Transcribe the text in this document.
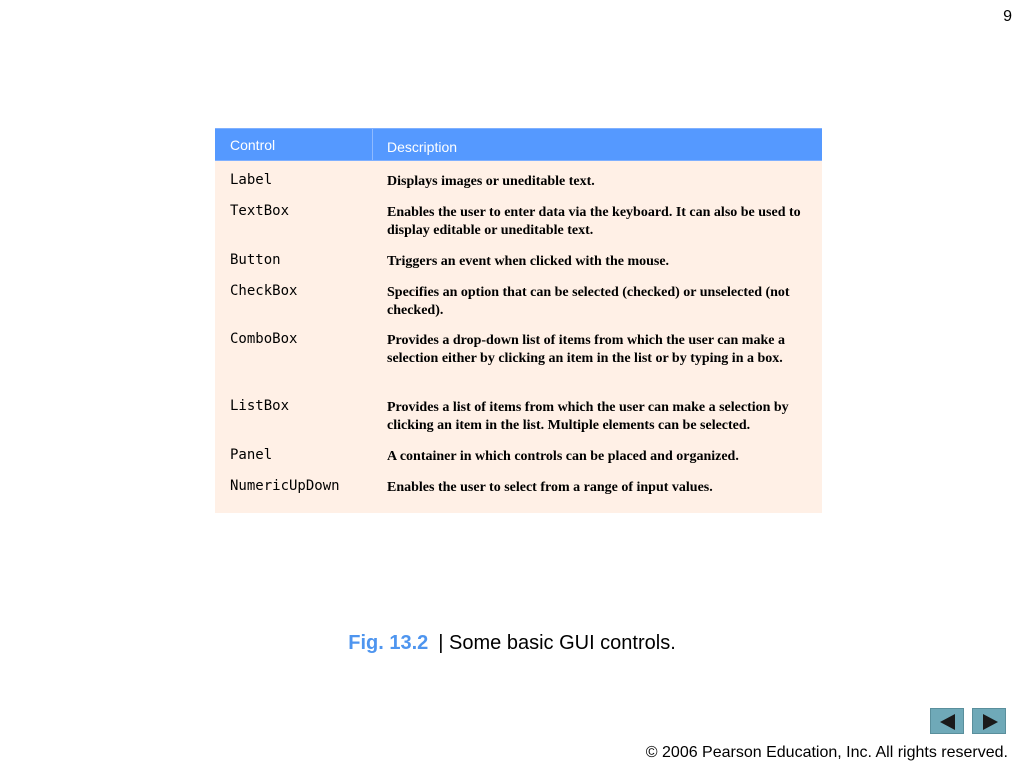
9
Control	Description
Label	Displays images or uneditable text.
TextBox	Enables the user to enter data via the keyboard. It can also be used to display editable or uneditable text.
Button	Triggers an event when clicked with the mouse.
CheckBox	Specifies an option that can be selected (checked) or unselected (not checked).
ComboBox	Provides a drop-down list of items from which the user can make a selection either by clicking an item in the list or by typing in a box.
ListBox	Provides a list of items from which the user can make a selection by clicking an item in the list. Multiple elements can be selected.
Panel	A container in which controls can be placed and organized.
NumericUpDown	Enables the user to select from a range of input values.
Fig. 13.2 | Some basic GUI controls.
© 2006 Pearson Education, Inc. All rights reserved.
